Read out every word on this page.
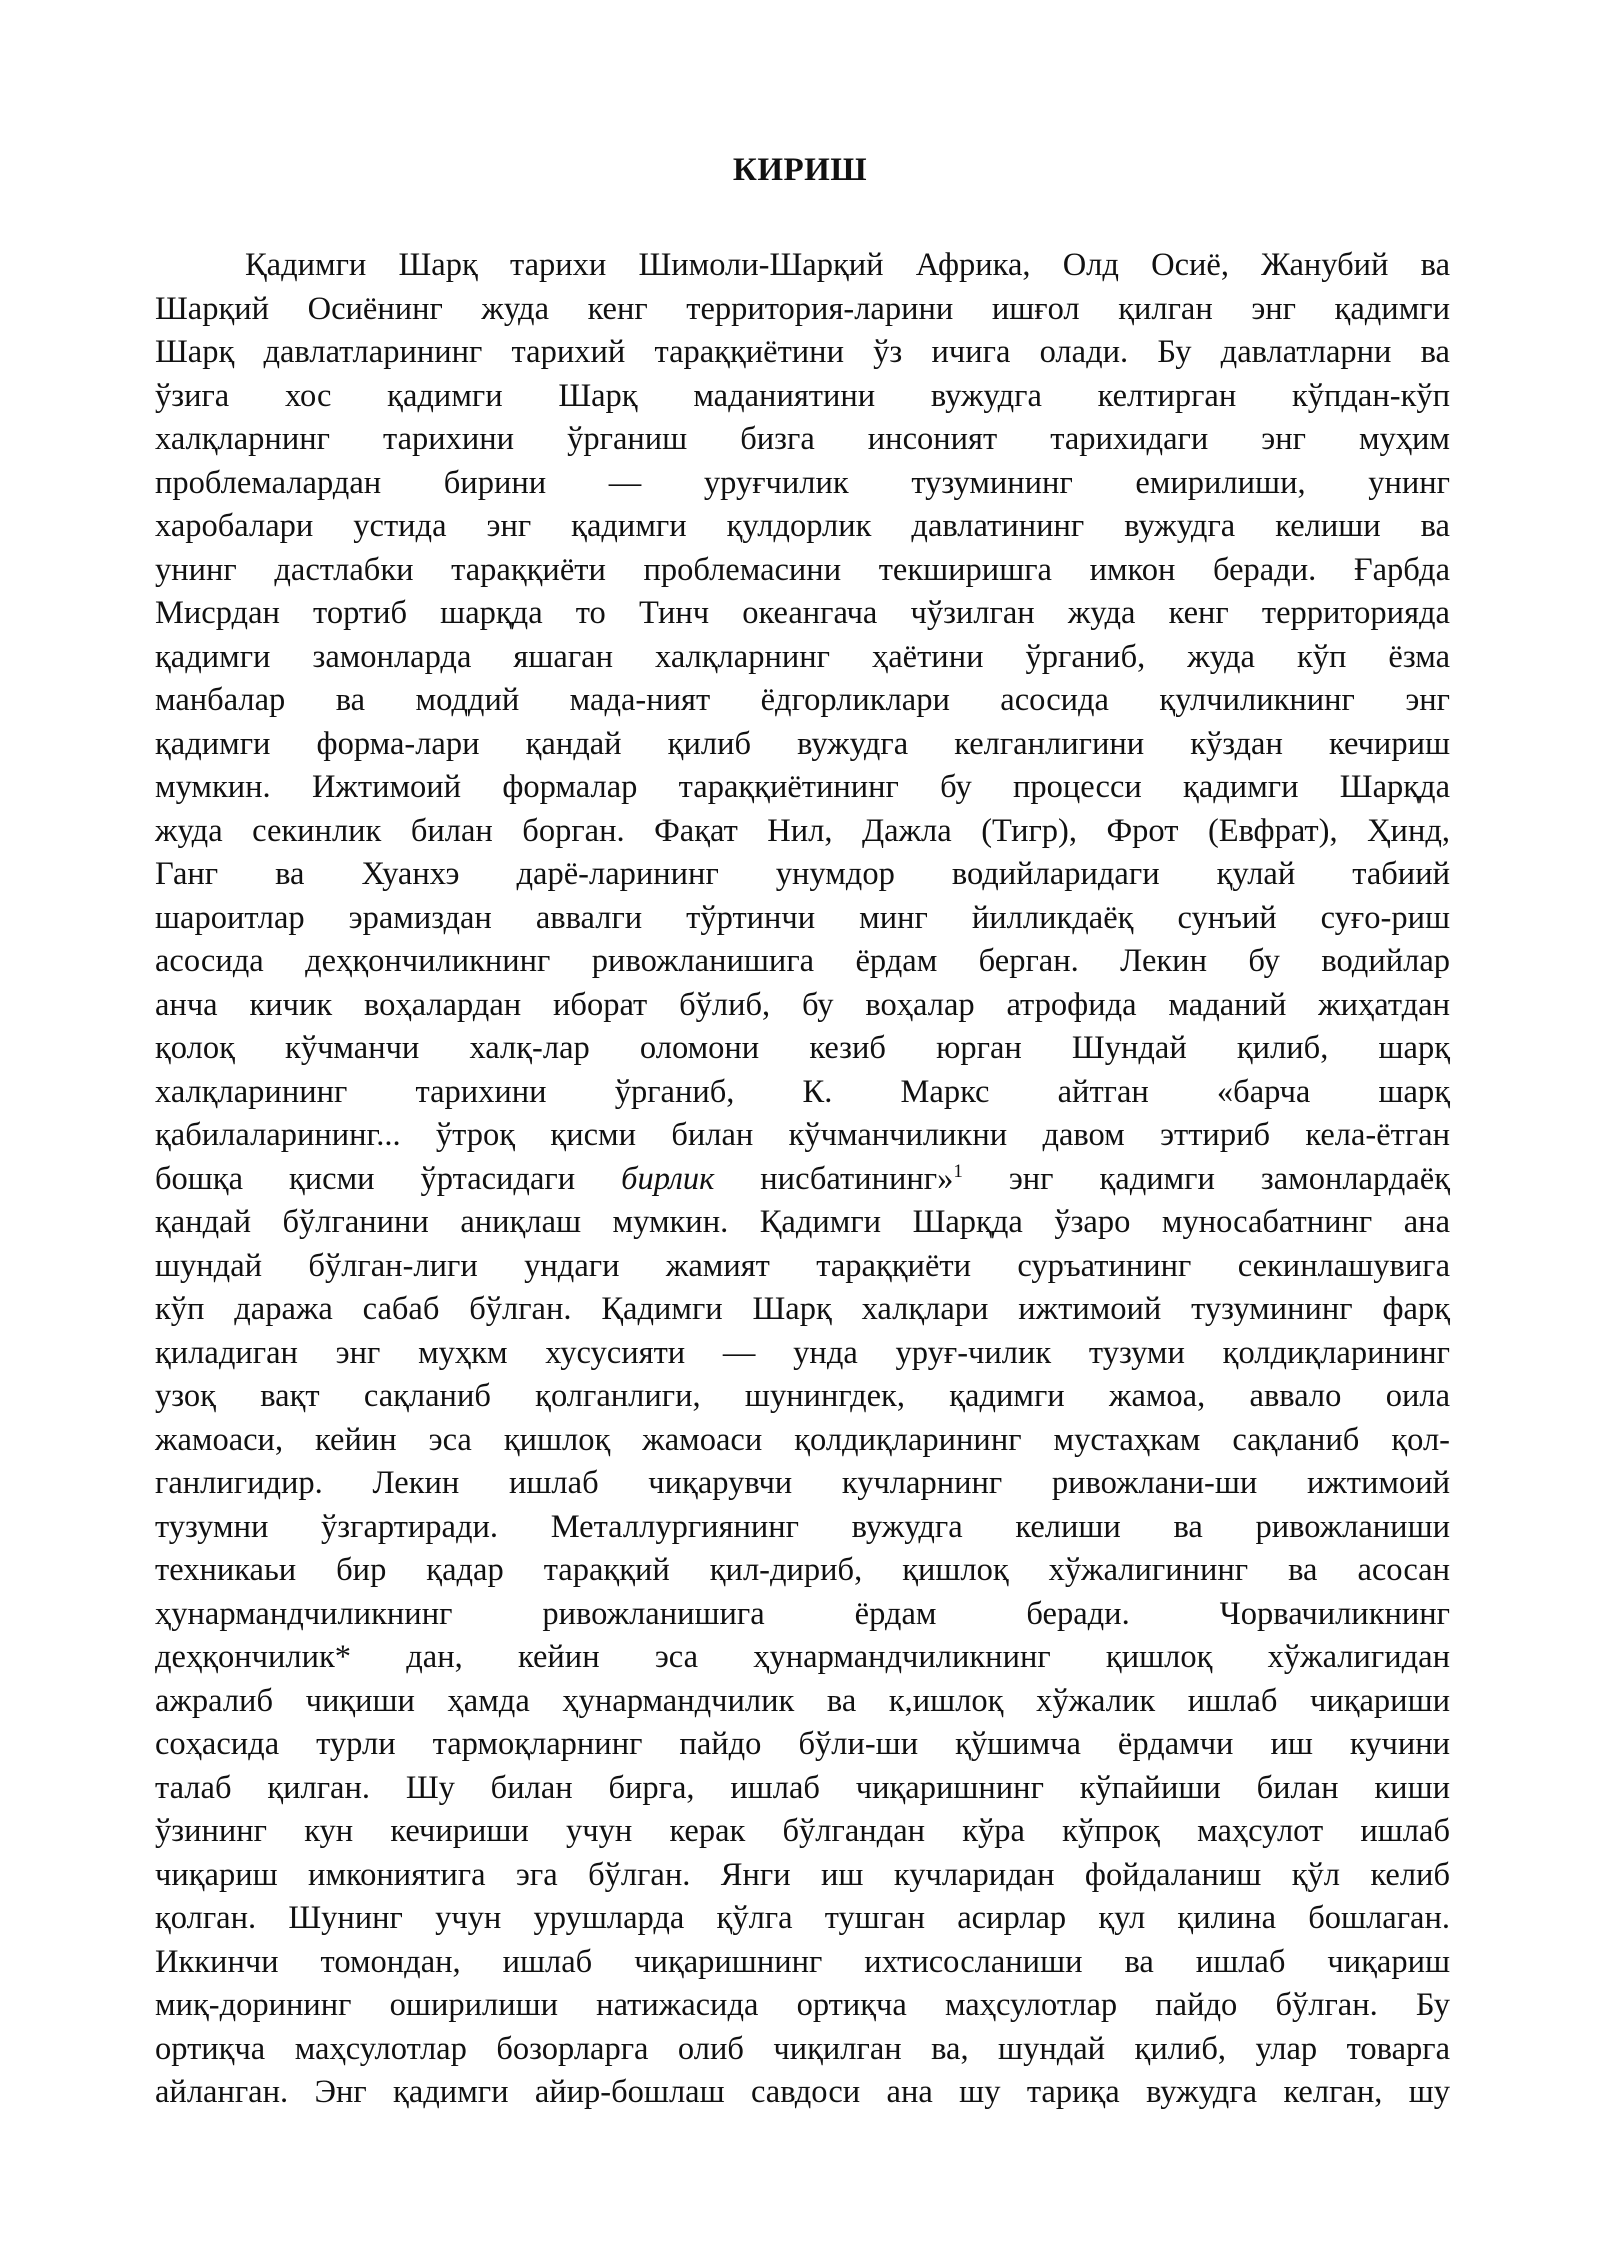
КИРИШ
Қадимги Шарқ тарихи Шимоли-Шарқий Африка, Олд Осиё, Жанубий ва
Шарқий Осиёнинг жуда кенг территория-ларини ишғол қилган энг қадимги
Шарқ давлатларининг тарихий тараққиётини ўз ичига олади. Бу давлатларни ва
ўзига хос қадимги Шарқ маданиятини вужудга келтирган кўпдан-кўп
халқларнинг тарихини ўрганиш бизга инсоният тарихидаги энг муҳим
проблемалардан бирини — уруғчилик тузумининг емирилиши, унинг
харобалари устида энг қадимги қулдорлик давлатининг вужудга келиши ва
унинг дастлабки тараққиёти проблемасини текширишга имкон беради. Ғарбда
Мисрдан тортиб шарқда то Тинч океангача чўзилган жуда кенг территорияда
қадимги замонларда яшаган халқларнинг ҳаётини ўрганиб, жуда кўп ёзма
манбалар ва моддий мада-ният ёдгорликлари асосида қулчиликнинг энг
қадимги форма-лари қандай қилиб вужудга келганлигини кўздан кечириш
мумкин. Ижтимоий формалар тараққиётининг бу процесси қадимги Шарқда
жуда секинлик билан борган. Фақат Нил, Дажла (Тигр), Фрот (Евфрат), Ҳинд,
Ганг ва Хуанхэ дарё-ларининг унумдор водийларидаги қулай табиий
шароитлар эрамиздан аввалги тўртинчи минг йилликдаёқ сунъий суғо-риш
асосида деҳқончиликнинг ривожланишига ёрдам берган. Лекин бу водийлар
анча кичик воҳалардан иборат бўлиб, бу воҳалар атрофида маданий жиҳатдан
қолоқ кўчманчи халқ-лар оломони кезиб юрган Шундай қилиб, шарқ
халқларининг тарихини ўрганиб, К. Маркс айтган «барча шарқ
қабилаларининг... ўтроқ қисми билан кўчманчиликни давом эттириб кела-ётган
бошқа қисми ўртасидаги бирлик нисбатининг»$^1$ энг қадимги замонлардаёқ
қандай бўлганини аниқлаш мумкин. Қадимги Шарқда ўзаро муносабатнинг ана
шундай бўлган-лиги ундаги жамият тараққиёти суръатининг секинлашувига
кўп даража сабаб бўлган. Қадимги Шарқ халқлари ижтимоий тузумининг фарқ
қиладиган энг муҳкм хусусияти — унда уруғ-чилик тузуми қолдиқларининг
узоқ вақт сақланиб қолганлиги, шунингдек, қадимги жамоа, аввало оила
жамоаси, кейин эса қишлоқ жамоаси қолдиқларининг мустаҳкам сақланиб қол-
ганлигидир. Лекин ишлаб чиқарувчи кучларнинг ривожлани-ши ижтимоий
тузумни ўзгартиради. Металлургиянинг вужудга келиши ва ривожланиши
техникаьи бир қадар тараққий қил-дириб, қишлоқ хўжалигининг ва асосан
ҳунармандчиликнинг ривожланишига ёрдам беради. Чорвачиликнинг
деҳқончилик* дан, кейин эса ҳунармандчиликнинг қишлоқ хўжалигидан
ажралиб чиқиши ҳамда ҳунармандчилик ва к,ишлоқ хўжалик ишлаб чиқариши
соҳасида турли тармоқларнинг пайдо бўли-ши қўшимча ёрдамчи иш кучини
талаб қилган. Шу билан бирга, ишлаб чиқаришнинг кўпайиши билан киши
ўзининг кун кечириши учун керак бўлгандан кўра кўпроқ маҳсулот ишлаб
чиқариш имкониятига эга бўлган. Янги иш кучларидан фойдаланиш қўл келиб
қолган. Шунинг учун урушларда қўлга тушган асирлар қул қилина бошлаган.
Иккинчи томондан, ишлаб чиқаришнинг ихтисосланиши ва ишлаб чиқариш
миқ-дорининг оширилиши натижасида ортиқча маҳсулотлар пайдо бўлган. Бу
ортиқча маҳсулотлар бозорларга олиб чиқилган ва, шундай қилиб, улар товарга
айланган. Энг қадимги айир-бошлаш савдоси ана шу тариқа вужудга келган, шу
